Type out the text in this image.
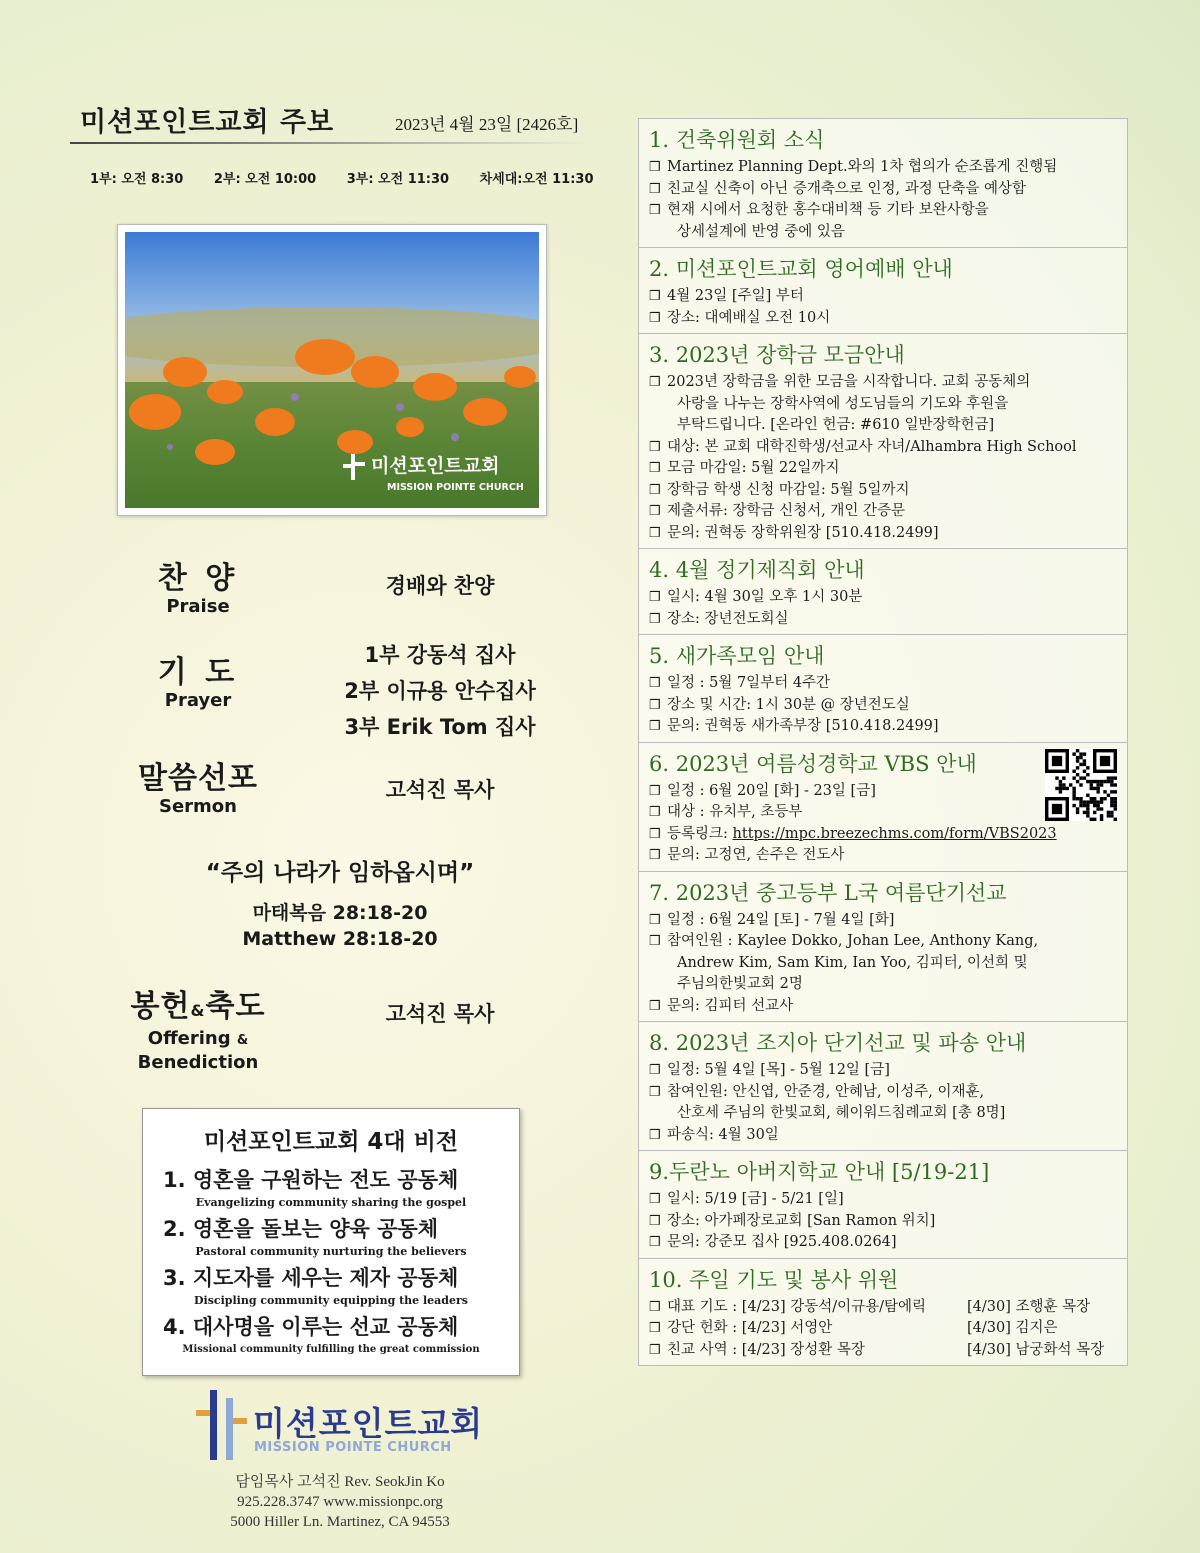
미션포인트교회 주보	2023년 4월 23일 [2426호]
1부: 오전 8:30 2부: 오전 10:00 3부: 오전 11:30 차세대:오전 11:30
미션포인트교회
MISSION POINTE CHURCH
찬 양
Praise
경배와 찬양
기 도
Prayer
1부 강동석 집사
2부 이규용 안수집사
3부 Erik Tom 집사
말씀선포
Sermon
고석진 목사
“주의 나라가 임하옵시며”
마태복음 28:18-20
Matthew 28:18-20
봉헌&축도
Offering &
Benediction
고석진 목사
미션포인트교회 4대 비전
1. 영혼을 구원하는 전도 공동체
Evangelizing community sharing the gospel
2. 영혼을 돌보는 양육 공동체
Pastoral community nurturing the believers
3. 지도자를 세우는 제자 공동체
Discipling community equipping the leaders
4. 대사명을 이루는 선교 공동체
Missional community fulfilling the great commission
미션포인트교회
MISSION POINTE CHURCH
담임목사 고석진 Rev. SeokJin Ko
925.228.3747 www.missionpc.org
5000 Hiller Ln. Martinez, CA 94553
1. 건축위원회 소식
❒ Martinez Planning Dept.와의 1차 협의가 순조롭게 진행됨
❒ 친교실 신축이 아닌 증개축으로 인정, 과정 단축을 예상함
❒ 현재 시에서 요청한 홍수대비책 등 기타 보완사항을
상세설계에 반영 중에 있음
2. 미션포인트교회 영어예배 안내
❒ 4월 23일 [주일] 부터
❒ 장소: 대예배실 오전 10시
3. 2023년 장학금 모금안내
❒ 2023년 장학금을 위한 모금을 시작합니다. 교회 공동체의
사랑을 나누는 장학사역에 성도님들의 기도와 후원을
부탁드립니다. [온라인 헌금: #610 일반장학헌금]
❒ 대상: 본 교회 대학진학생/선교사 자녀/Alhambra High School
❒ 모금 마감일: 5월 22일까지
❒ 장학금 학생 신청 마감일: 5월 5일까지
❒ 제출서류: 장학금 신청서, 개인 간증문
❒ 문의: 권혁동 장학위원장 [510.418.2499]
4. 4월 정기제직회 안내
❒ 일시: 4월 30일 오후 1시 30분
❒ 장소: 장년전도회실
5. 새가족모임 안내
❒ 일정 : 5월 7일부터 4주간
❒ 장소 및 시간: 1시 30분 @ 장년전도실
❒ 문의: 권혁동 새가족부장 [510.418.2499]
6. 2023년 여름성경학교 VBS 안내
❒ 일정 : 6월 20일 [화] - 23일 [금]
❒ 대상 : 유치부, 초등부
❒ 등록링크: https://mpc.breezechms.com/form/VBS2023
❒ 문의: 고정연, 손주은 전도사
7. 2023년 중고등부 L국 여름단기선교
❒ 일정 : 6월 24일 [토] - 7월 4일 [화]
❒ 참여인원 : Kaylee Dokko, Johan Lee, Anthony Kang,
Andrew Kim, Sam Kim, Ian Yoo, 김피터, 이선희 및
주님의한빛교회 2명
❒ 문의: 김피터 선교사
8. 2023년 조지아 단기선교 및 파송 안내
❒ 일정: 5월 4일 [목] - 5월 12일 [금]
❒ 참여인원: 안신엽, 안준경, 안혜남, 이성주, 이재훈,
산호세 주님의 한빛교회, 헤이워드침례교회 [총 8명]
❒ 파송식: 4월 30일
9.두란노 아버지학교 안내 [5/19-21]
❒ 일시: 5/19 [금] - 5/21 [일]
❒ 장소: 아가페장로교회 [San Ramon 위치]
❒ 문의: 강준모 집사 [925.408.0264]
10. 주일 기도 및 봉사 위원
❒ 대표 기도 : [4/23] 강동석/이규용/탐에릭	[4/30] 조행훈 목장
❒ 강단 헌화 : [4/23] 서영안	[4/30] 김지은
❒ 친교 사역 : [4/23] 장성환 목장	[4/30] 남궁화석 목장
